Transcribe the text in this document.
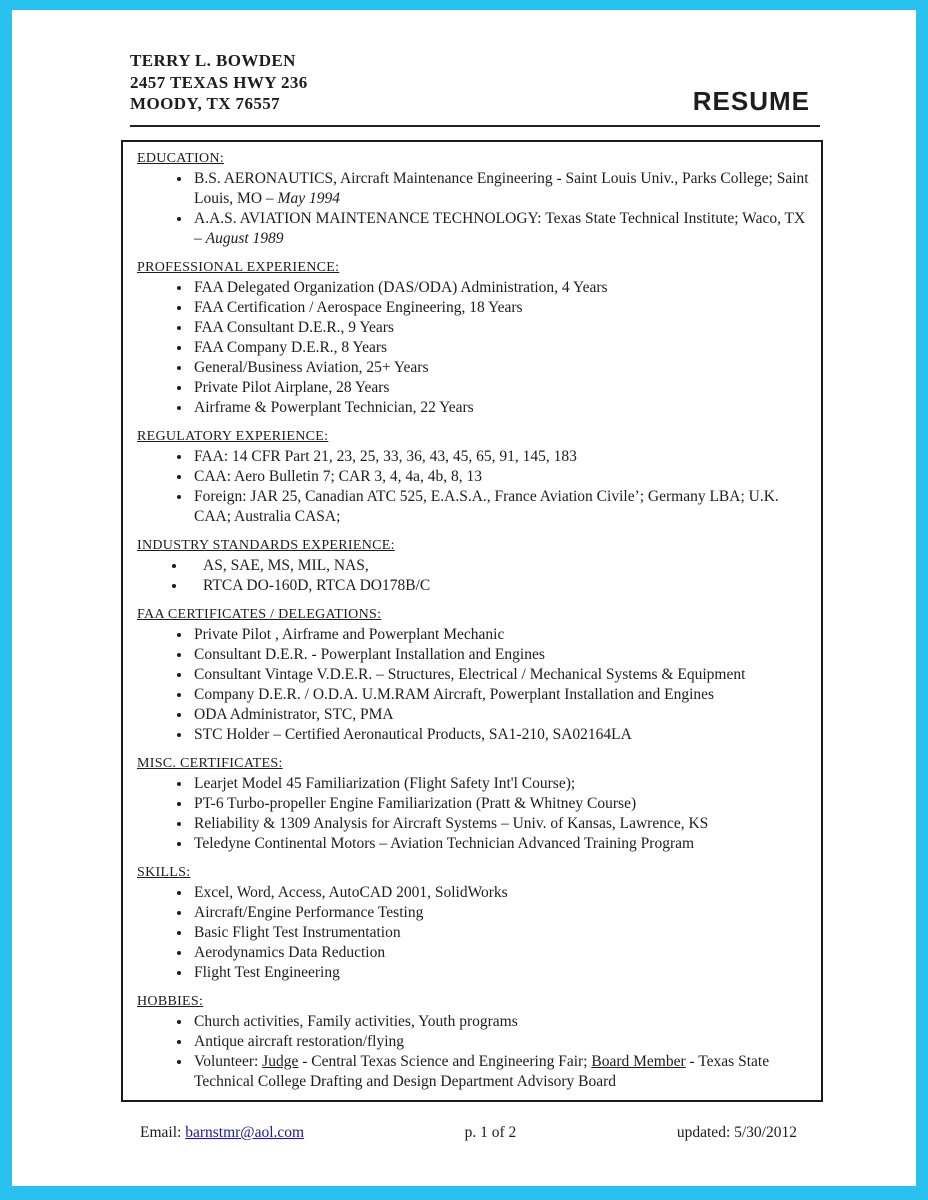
TERRY L. BOWDEN
2457 TEXAS HWY 236
MOODY, TX 76557	RESUME
EDUCATION:
• B.S. AERONAUTICS, Aircraft Maintenance Engineering - Saint Louis Univ., Parks College; Saint Louis, MO – May 1994
• A.A.S. AVIATION MAINTENANCE TECHNOLOGY: Texas State Technical Institute; Waco, TX – August 1989
PROFESSIONAL EXPERIENCE:
• FAA Delegated Organization (DAS/ODA) Administration, 4 Years
• FAA Certification / Aerospace Engineering, 18 Years
• FAA Consultant D.E.R., 9 Years
• FAA Company D.E.R., 8 Years
• General/Business Aviation, 25+ Years
• Private Pilot Airplane, 28 Years
• Airframe & Powerplant Technician, 22 Years
REGULATORY EXPERIENCE:
• FAA: 14 CFR Part 21, 23, 25, 33, 36, 43, 45, 65, 91, 145, 183
• CAA: Aero Bulletin 7; CAR 3, 4, 4a, 4b, 8, 13
• Foreign: JAR 25, Canadian ATC 525, E.A.S.A., France Aviation Civile’; Germany LBA; U.K. CAA; Australia CASA;
INDUSTRY STANDARDS EXPERIENCE:
• AS, SAE, MS, MIL, NAS,
• RTCA DO-160D, RTCA DO178B/C
FAA CERTIFICATES / DELEGATIONS:
• Private Pilot , Airframe and Powerplant Mechanic
• Consultant D.E.R. - Powerplant Installation and Engines
• Consultant Vintage V.D.E.R. – Structures, Electrical / Mechanical Systems & Equipment
• Company D.E.R. / O.D.A. U.M.RAM Aircraft, Powerplant Installation and Engines
• ODA Administrator, STC, PMA
• STC Holder – Certified Aeronautical Products, SA1-210, SA02164LA
MISC. CERTIFICATES:
• Learjet Model 45 Familiarization (Flight Safety Int'l Course);
• PT-6 Turbo-propeller Engine Familiarization (Pratt & Whitney Course)
• Reliability & 1309 Analysis for Aircraft Systems – Univ. of Kansas, Lawrence, KS
• Teledyne Continental Motors – Aviation Technician Advanced Training Program
SKILLS:
• Excel, Word, Access, AutoCAD 2001, SolidWorks
• Aircraft/Engine Performance Testing
• Basic Flight Test Instrumentation
• Aerodynamics Data Reduction
• Flight Test Engineering
HOBBIES:
• Church activities, Family activities, Youth programs
• Antique aircraft restoration/flying
• Volunteer: Judge - Central Texas Science and Engineering Fair; Board Member - Texas State Technical College Drafting and Design Department Advisory Board
Email: barnstmr@aol.com	p. 1 of 2	updated: 5/30/2012
